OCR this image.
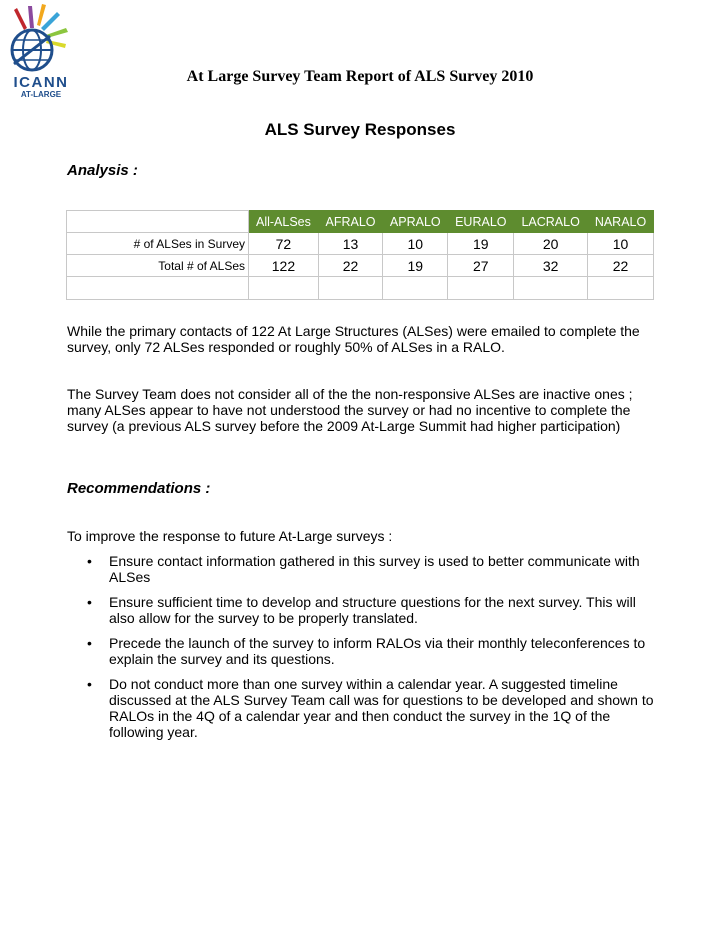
ICANN
AT-LARGE
At Large Survey Team Report of ALS Survey 2010
ALS Survey Responses
Analysis :
	All-ALSes	AFRALO	APRALO	EURALO	LACRALO	NARALO
# of ALSes in Survey	72	13	10	19	20	10
Total # of ALSes	122	22	19	27	32	22

While the primary contacts of 122 At Large Structures (ALSes) were emailed to complete the survey, only 72 ALSes responded or roughly 50% of ALSes in a RALO.
The Survey Team does not consider all of the the non-responsive ALSes are inactive ones ; many ALSes appear to have not understood the survey or had no incentive to complete the survey (a previous ALS survey before the 2009 At-Large Summit had higher participation)
Recommendations :
To improve the response to future At-Large surveys :
• Ensure contact information gathered in this survey is used to better communicate with ALSes
• Ensure sufficient time to develop and structure questions for the next survey. This will also allow for the survey to be properly translated.
• Precede the launch of the survey to inform RALOs via their monthly teleconferences to explain the survey and its questions.
• Do not conduct more than one survey within a calendar year. A suggested timeline discussed at the ALS Survey Team call was for questions to be developed and shown to RALOs in the 4Q of a calendar year and then conduct the survey in the 1Q of the following year.
